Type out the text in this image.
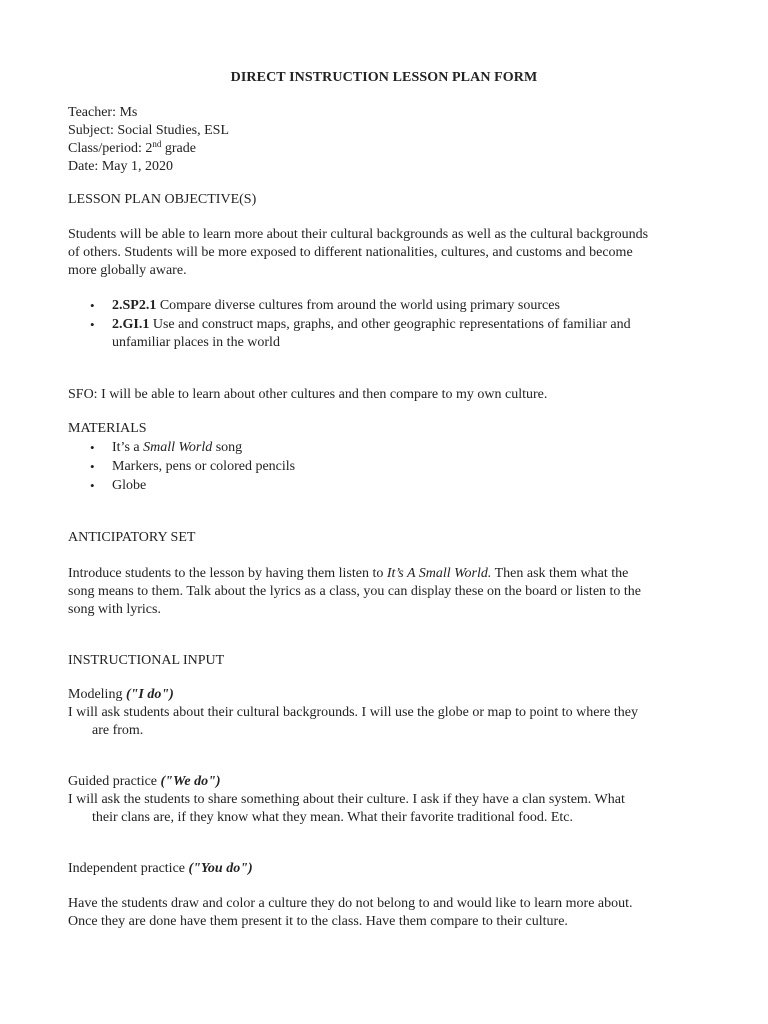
DIRECT INSTRUCTION LESSON PLAN FORM
Teacher: Ms
Subject: Social Studies, ESL
Class/period: 2nd grade
Date: May 1, 2020
LESSON PLAN OBJECTIVE(S)
Students will be able to learn more about their cultural backgrounds as well as the cultural backgrounds
of others. Students will be more exposed to different nationalities, cultures, and customs and become
more globally aware.
• 2.SP2.1 Compare diverse cultures from around the world using primary sources
• 2.GI.1 Use and construct maps, graphs, and other geographic representations of familiar and
unfamiliar places in the world
SFO: I will be able to learn about other cultures and then compare to my own culture.
MATERIALS
• It’s a Small World song
• Markers, pens or colored pencils
• Globe
ANTICIPATORY SET
Introduce students to the lesson by having them listen to It’s A Small World. Then ask them what the
song means to them. Talk about the lyrics as a class, you can display these on the board or listen to the
song with lyrics.
INSTRUCTIONAL INPUT
Modeling ("I do")
I will ask students about their cultural backgrounds. I will use the globe or map to point to where they
are from.
Guided practice ("We do")
I will ask the students to share something about their culture. I ask if they have a clan system. What
their clans are, if they know what they mean. What their favorite traditional food. Etc.
Independent practice ("You do")
Have the students draw and color a culture they do not belong to and would like to learn more about.
Once they are done have them present it to the class. Have them compare to their culture.
